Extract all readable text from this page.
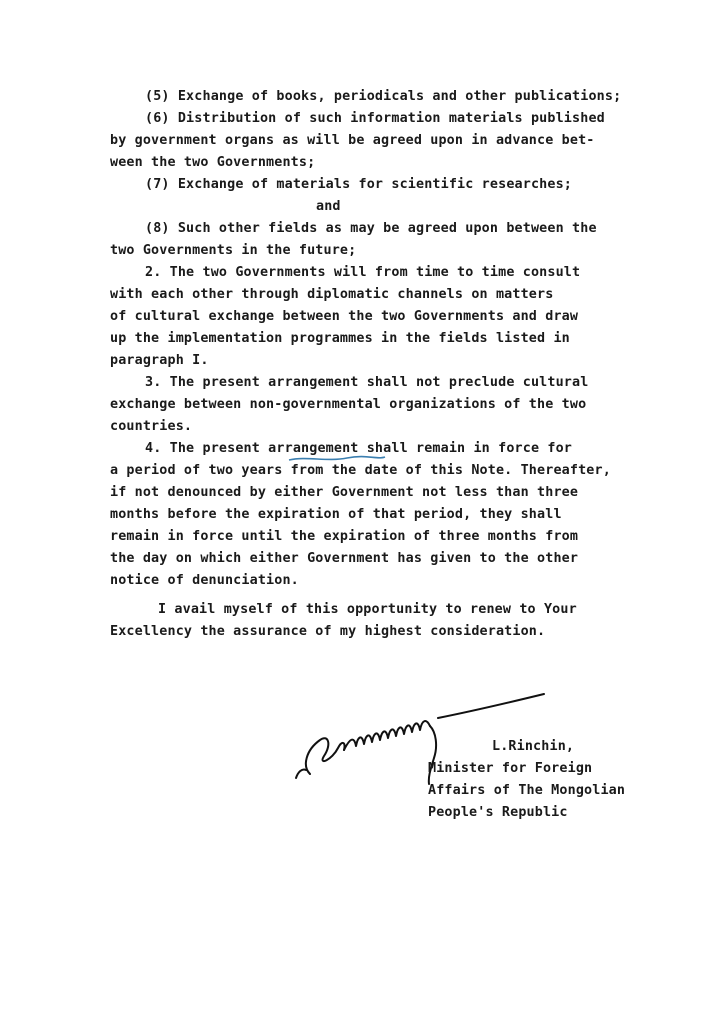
(5) Exchange of books, periodicals and other publications;
(6) Distribution of such information materials published
by government organs as will be agreed upon in advance bet-
ween the two Governments;
(7) Exchange of materials for scientific researches;
and
(8) Such other fields as may be agreed upon between the
two Governments in the future;
2. The two Governments will from time to time consult
with each other through diplomatic channels on matters
of cultural exchange between the two Governments and draw
up the implementation programmes in the fields listed in
paragraph I.
3. The present arrangement shall not preclude cultural
exchange between non-governmental organizations of the two
countries.
4. The present arrangement shall remain in force for
a period of two years from the date of this Note. Thereafter,
if not denounced by either Government not less than three
months before the expiration of that period, they shall
remain in force until the expiration of three months from
the day on which either Government has given to the other
notice of denunciation.
I avail myself of this opportunity to renew to Your
Excellency the assurance of my highest consideration.
L.Rinchin,
Minister for Foreign
Affairs of The Mongolian
People's Republic
